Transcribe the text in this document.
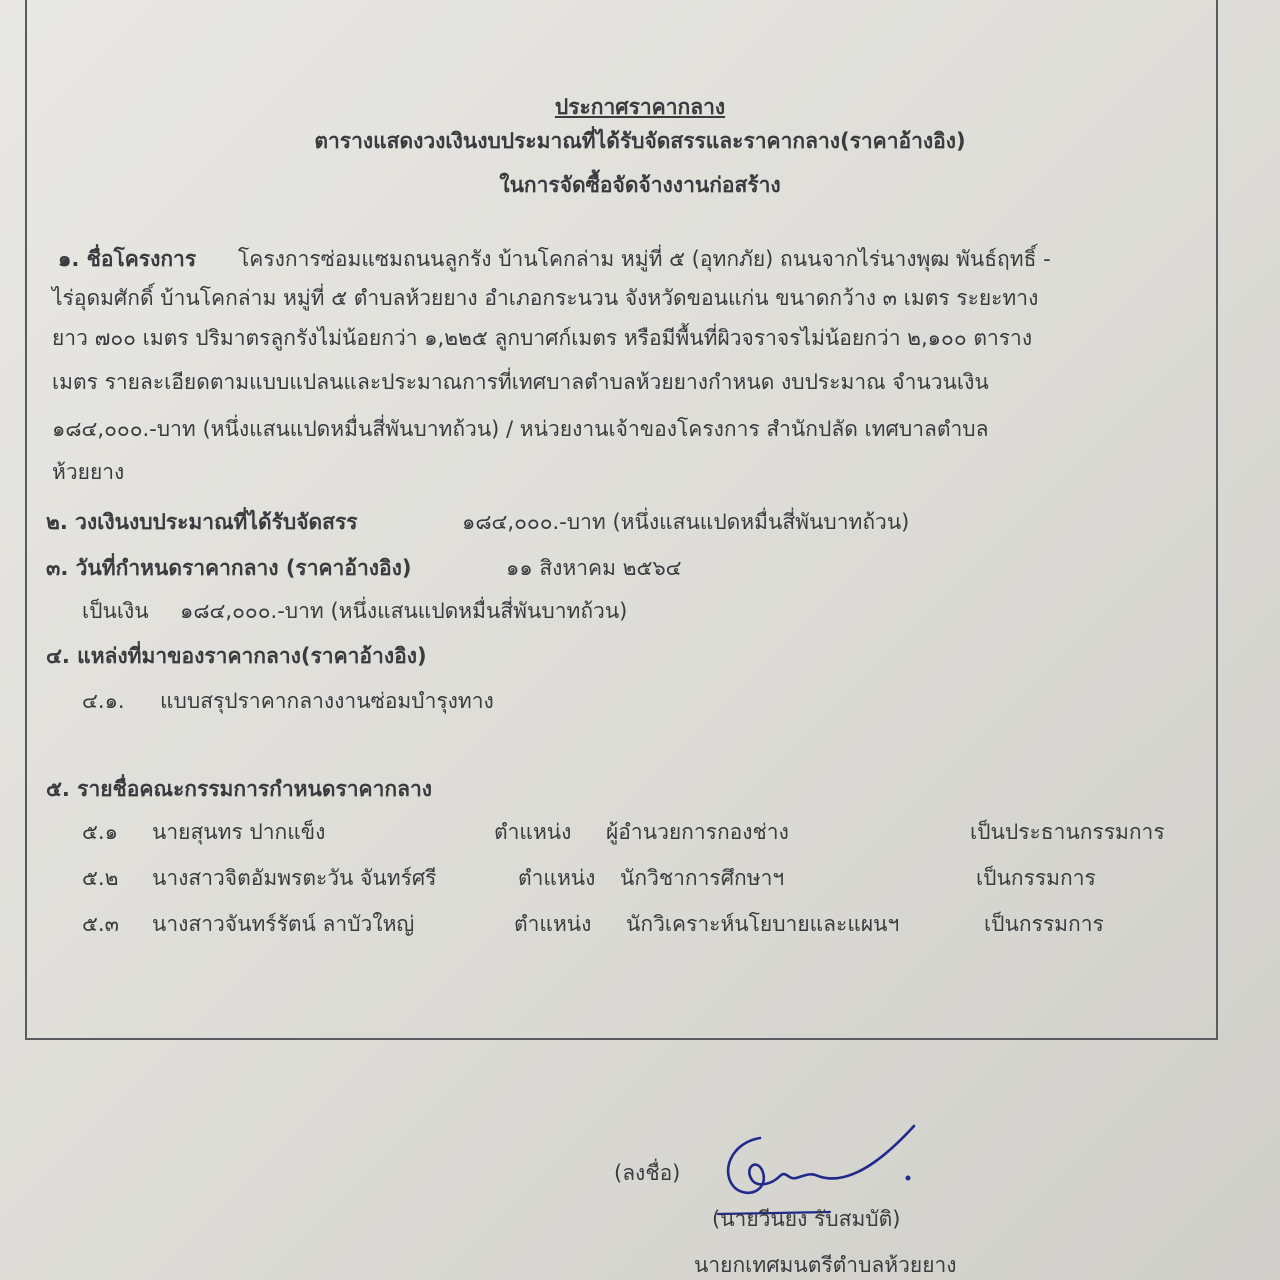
ประกาศราคากลาง
ตารางแสดงวงเงินงบประมาณที่ได้รับจัดสรรและราคากลาง(ราคาอ้างอิง)
ในการจัดซื้อจัดจ้างงานก่อสร้าง
๑. ชื่อโครงการ โครงการซ่อมแซมถนนลูกรัง บ้านโคกล่าม หมู่ที่ ๕ (อุทกภัย) ถนนจากไร่นางพุฒ พันธ์ฤทธิ์ -
ไร่อุดมศักดิ์ บ้านโคกล่าม หมู่ที่ ๕ ตำบลห้วยยาง อำเภอกระนวน จังหวัดขอนแก่น ขนาดกว้าง ๓ เมตร ระยะทาง
ยาว ๗๐๐ เมตร ปริมาตรลูกรังไม่น้อยกว่า ๑,๒๒๕ ลูกบาศก์เมตร หรือมีพื้นที่ผิวจราจรไม่น้อยกว่า ๒,๑๐๐ ตาราง
เมตร รายละเอียดตามแบบแปลนและประมาณการที่เทศบาลตำบลห้วยยางกำหนด งบประมาณ จำนวนเงิน
๑๘๔,๐๐๐.-บาท (หนึ่งแสนแปดหมื่นสี่พันบาทถ้วน) / หน่วยงานเจ้าของโครงการ สำนักปลัด เทศบาลตำบล
ห้วยยาง
๒. วงเงินงบประมาณที่ได้รับจัดสรร	๑๘๔,๐๐๐.-บาท (หนึ่งแสนแปดหมื่นสี่พันบาทถ้วน)
๓. วันที่กำหนดราคากลาง (ราคาอ้างอิง)	๑๑ สิงหาคม ๒๕๖๔
เป็นเงิน ๑๘๔,๐๐๐.-บาท (หนึ่งแสนแปดหมื่นสี่พันบาทถ้วน)
๔. แหล่งที่มาของราคากลาง(ราคาอ้างอิง)
๔.๑. แบบสรุปราคากลางงานซ่อมบำรุงทาง
๕. รายชื่อคณะกรรมการกำหนดราคากลาง
๕.๑ นายสุนทร ปากแข็ง	ตำแหน่ง ผู้อำนวยการกองช่าง	เป็นประธานกรรมการ
๕.๒ นางสาวจิตอัมพรตะวัน จันทร์ศรี	ตำแหน่ง นักวิชาการศึกษาฯ	เป็นกรรมการ
๕.๓ นางสาวจันทร์รัตน์ ลาบัวใหญ่	ตำแหน่ง นักวิเคราะห์นโยบายและแผนฯ	เป็นกรรมการ
(ลงชื่อ)
(นายวีนยง รับสมบัติ)
นายกเทศมนตรีตำบลห้วยยาง
